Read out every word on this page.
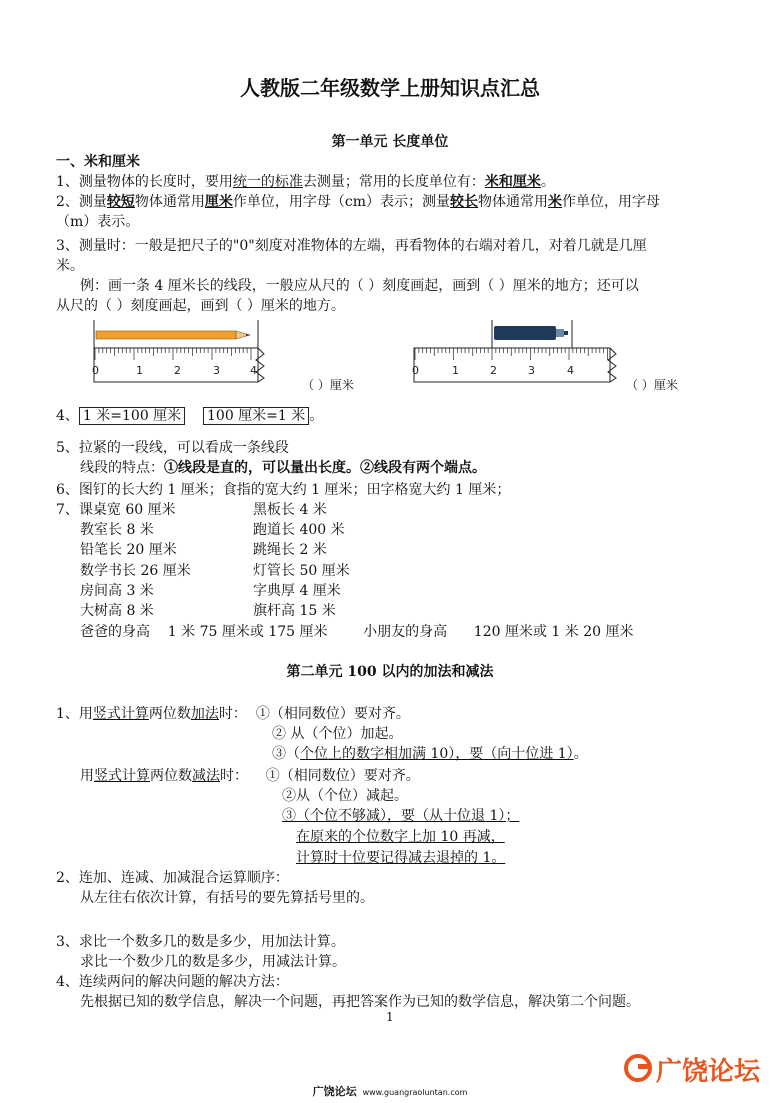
人教版二年级数学上册知识点汇总
第一单元 长度单位
一、米和厘米
1、测量物体的长度时，要用统一的标准去测量；常用的长度单位有：米和厘米。
2、测量较短物体通常用厘米作单位，用字母（cm）表示；测量较长物体通常用米作单位，用字母
（m）表示。
3、测量时：一般是把尺子的"0"刻度对准物体的左端，再看物体的右端对着几，对着几就是几厘
米。
例：画一条 4 厘米长的线段，一般应从尺的（ ）刻度画起，画到（ ）厘米的地方；还可以
从尺的（ ）刻度画起，画到（ ）厘米的地方。
0	1	2	3	4
（ ）厘米
0	1	2	3	4
（ ）厘米
4、 1 米=100 厘米 100 厘米=1 米 。
5、拉紧的一段线，可以看成一条线段
线段的特点：①线段是直的，可以量出长度。②线段有两个端点。
6、图钉的长大约 1 厘米；食指的宽大约 1 厘米；田字格宽大约 1 厘米；
7、课桌宽 60 厘米	黑板长 4 米
教室长 8 米	跑道长 400 米
铅笔长 20 厘米	跳绳长 2 米
数学书长 26 厘米	灯管长 50 厘米
房间高 3 米	字典厚 4 厘米
大树高 8 米	旗杆高 15 米
爸爸的身高    1 米 75 厘米或 175 厘米        小朋友的身高      120 厘米或 1 米 20 厘米
第二单元 100 以内的加法和减法
1、用竖式计算两位数加法时：  ①（相同数位）要对齐。
② 从（个位）加起。
③（个位上的数字相加满 10），要（向十位进 1）。
用竖式计算两位数减法时：    ①（相同数位）要对齐。
②从（个位）减起。
③（个位不够减），要（从十位退 1）；
在原来的个位数字上加 10 再减，
计算时十位要记得减去退掉的 1。
2、连加、连减、加减混合运算顺序：
从左往右依次计算，有括号的要先算括号里的。
3、求比一个数多几的数是多少，用加法计算。
求比一个数少几的数是多少，用减法计算。
4、连续两问的解决问题的解决方法：
先根据已知的数学信息，解决一个问题，再把答案作为已知的数学信息，解决第二个问题。
1
广饶论坛
广饶论坛 www.guangraoluntan.com
